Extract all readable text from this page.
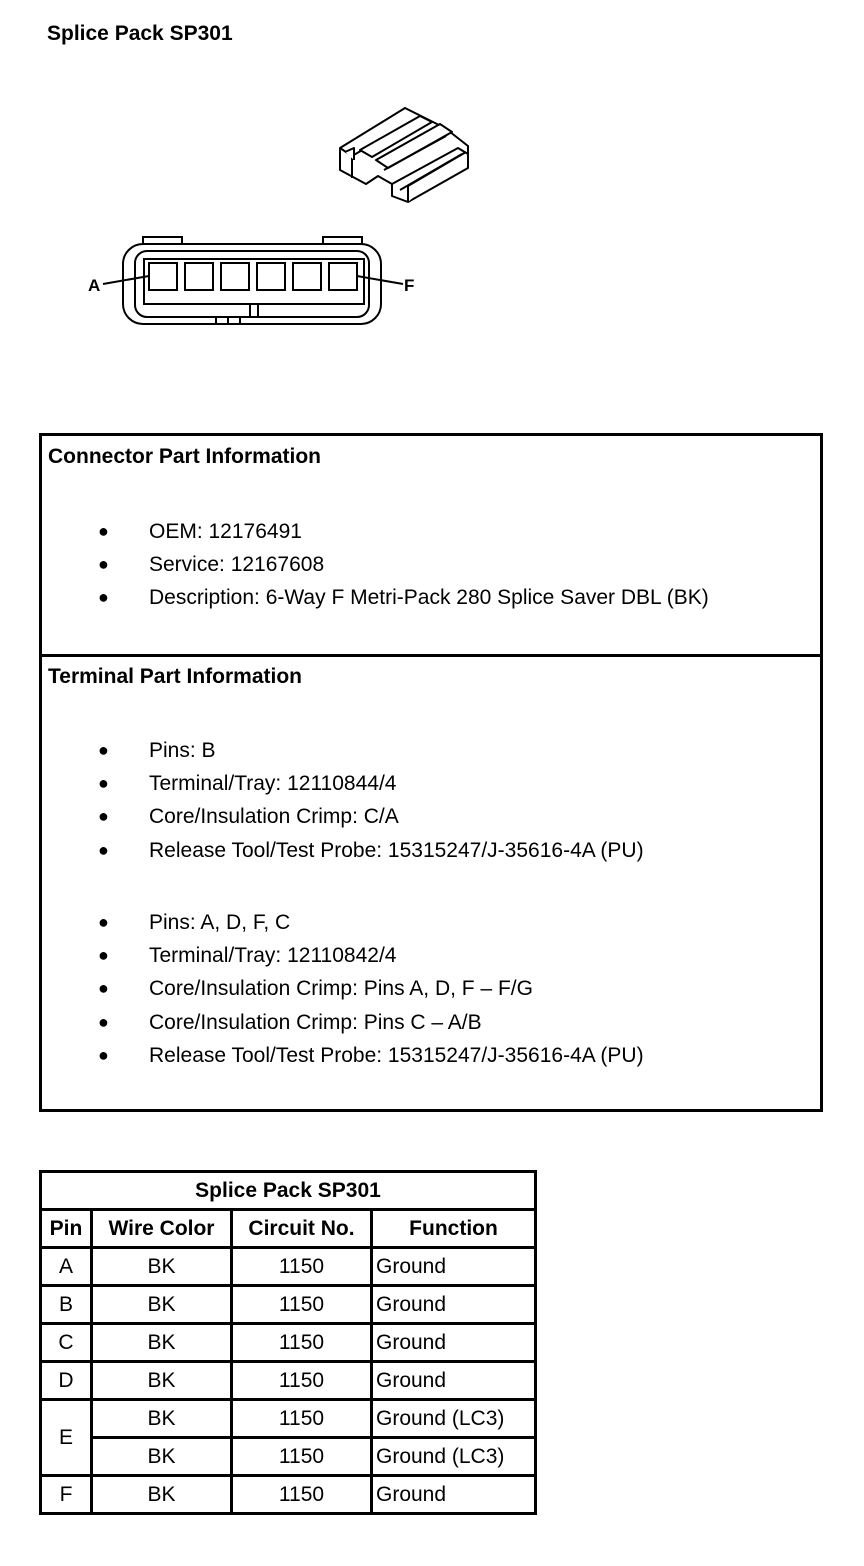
Splice Pack SP301
A	F
Connector Part Information
● OEM: 12176491
● Service: 12167608
● Description: 6-Way F Metri-Pack 280 Splice Saver DBL (BK)
Terminal Part Information
● Pins: B
● Terminal/Tray: 12110844/4
● Core/Insulation Crimp: C/A
● Release Tool/Test Probe: 15315247/J-35616-4A (PU)
● Pins: A, D, F, C
● Terminal/Tray: 12110842/4
● Core/Insulation Crimp: Pins A, D, F – F/G
● Core/Insulation Crimp: Pins C – A/B
● Release Tool/Test Probe: 15315247/J-35616-4A (PU)
Splice Pack SP301			
Pin	Wire Color	Circuit No.	Function
A	BK	1150	Ground
B	BK	1150	Ground
C	BK	1150	Ground
D	BK	1150	Ground
E	BK	1150	Ground (LC3)
	BK	1150	Ground (LC3)
F	BK	1150	Ground
